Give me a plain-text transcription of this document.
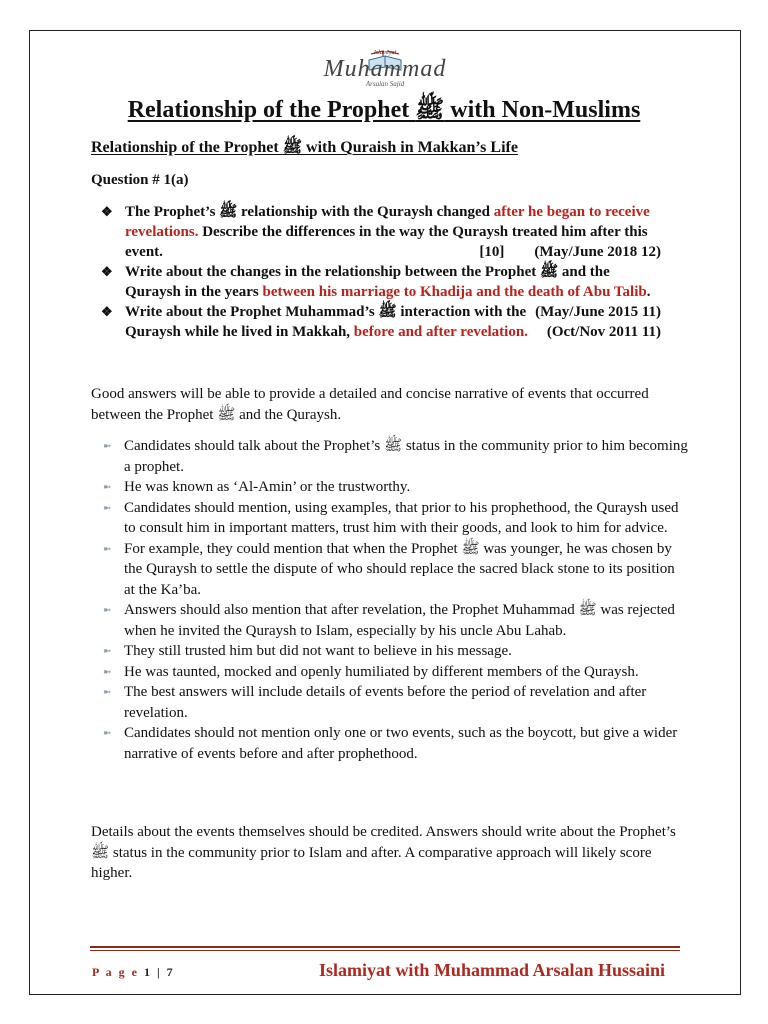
Islamiyat
Muhammad
Arsalan Sajid
Relationship of the Prophet ﷺ with Non-Muslims
Relationship of the Prophet ﷺ with Quraish in Makkan’s Life
Question # 1(a)
❖ The Prophet’s ﷺ relationship with the Quraysh changed after he began to receive revelations. Describe the differences in the way the Quraysh treated him after this event.	[10] (May/June 2018 12)
❖ Write about the changes in the relationship between the Prophet ﷺ and the Quraysh in the years between his marriage to Khadija and the death of Abu Talib.
(May/June 2015 11)
❖ Write about the Prophet Muhammad’s ﷺ interaction with the Quraysh while he lived in Makkah, before and after revelation. (Oct/Nov 2011 11)

Good answers will be able to provide a detailed and concise narrative of events that occurred between the Prophet ﷺ and the Quraysh.

➼ Candidates should talk about the Prophet’s ﷺ status in the community prior to him becoming a prophet.
➼ He was known as ‘Al-Amin’ or the trustworthy.
➼ Candidates should mention, using examples, that prior to his prophethood, the Quraysh used to consult him in important matters, trust him with their goods, and look to him for advice.
➼ For example, they could mention that when the Prophet ﷺ was younger, he was chosen by the Quraysh to settle the dispute of who should replace the sacred black stone to its position at the Ka’ba.
➼ Answers should also mention that after revelation, the Prophet Muhammad ﷺ was rejected when he invited the Quraysh to Islam, especially by his uncle Abu Lahab.
➼ They still trusted him but did not want to believe in his message.
➼ He was taunted, mocked and openly humiliated by different members of the Quraysh.
➼ The best answers will include details of events before the period of revelation and after revelation.
➼ Candidates should not mention only one or two events, such as the boycott, but give a wider narrative of events before and after prophethood.

Details about the events themselves should be credited. Answers should write about the Prophet’s ﷺ status in the community prior to Islam and after. A comparative approach will likely score higher.

P a g e 1 | 7	Islamiyat with Muhammad Arsalan Hussaini
